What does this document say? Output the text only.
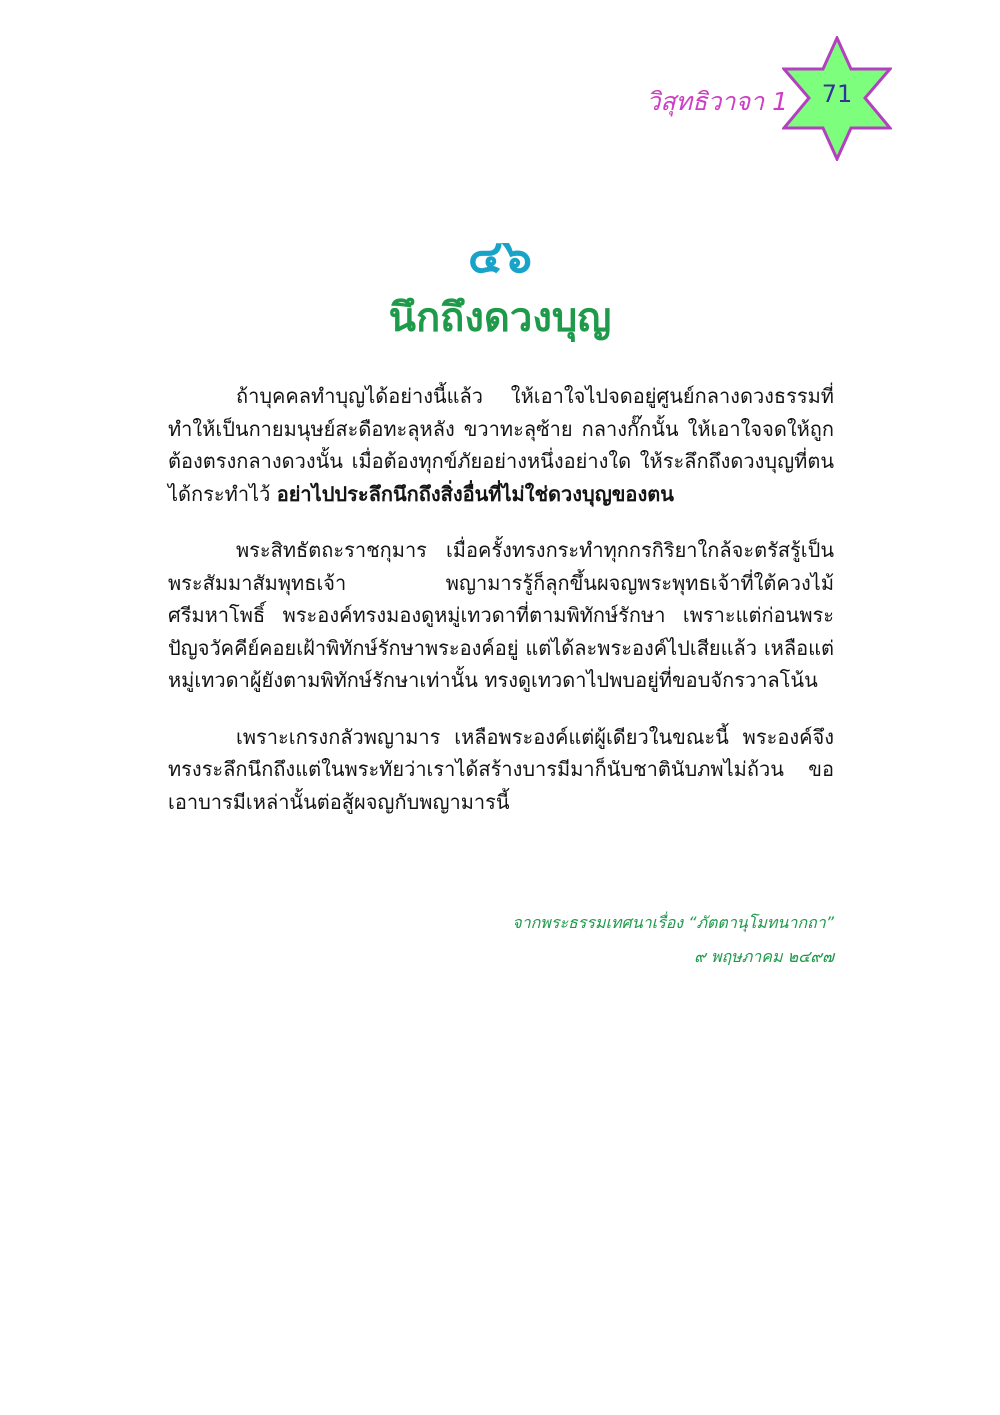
วิสุทธิวาจา 1	71
๔๖
นึกถึงดวงบุญ

ถ้าบุคคลทำบุญได้อย่างนี้แล้ว ให้เอาใจไปจดอยู่ศูนย์กลางดวงธรรมที่ทำให้เป็นกายมนุษย์สะดือทะลุหลัง ขวาทะลุซ้าย กลางกั๊กนั้น ให้เอาใจจดให้ถูกต้องตรงกลางดวงนั้น เมื่อต้องทุกข์ภัยอย่างหนึ่งอย่างใด ให้ระลึกถึงดวงบุญที่ตนได้กระทำไว้ อย่าไปประลึกนึกถึงสิ่งอื่นที่ไม่ใช่ดวงบุญของตน

พระสิทธัตถะราชกุมาร เมื่อครั้งทรงกระทำทุกกรกิริยาใกล้จะตรัสรู้เป็นพระสัมมาสัมพุทธเจ้า พญามารรู้ก็ลุกขึ้นผจญพระพุทธเจ้าที่ใต้ควงไม้ศรีมหาโพธิ์ พระองค์ทรงมองดูหมู่เทวดาที่ตามพิทักษ์รักษา เพราะแต่ก่อนพระปัญจวัคคีย์คอยเฝ้าพิทักษ์รักษาพระองค์อยู่ แต่ได้ละพระองค์ไปเสียแล้ว เหลือแต่หมู่เทวดาผู้ยังตามพิทักษ์รักษาเท่านั้น ทรงดูเทวดาไปพบอยู่ที่ขอบจักรวาลโน้น

เพราะเกรงกลัวพญามาร เหลือพระองค์แต่ผู้เดียวในขณะนี้ พระองค์จึงทรงระลึกนึกถึงแต่ในพระทัยว่าเราได้สร้างบารมีมาก็นับชาตินับภพไม่ถ้วน ขอเอาบารมีเหล่านั้นต่อสู้ผจญกับพญามารนี้

จากพระธรรมเทศนาเรื่อง “ภัตตานุโมทนากถา”
๙ พฤษภาคม ๒๔๙๗
